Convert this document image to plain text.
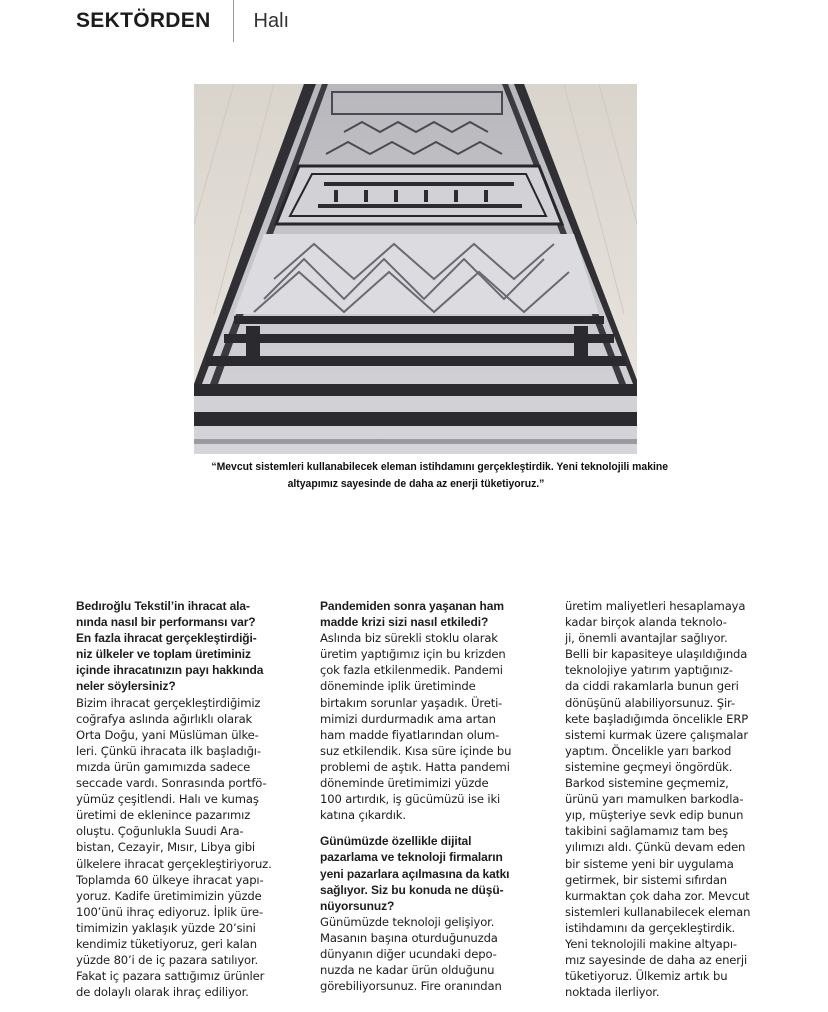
SEKTÖRDEN Halı
“Mevcut sistemleri kullanabilecek eleman istihdamını gerçekleştirdik. Yeni teknolojili makine
altyapımız sayesinde de daha az enerji tüketiyoruz.”
Bedıroğlu Tekstil’in ihracat ala-
nında nasıl bir performansı var?
En fazla ihracat gerçekleştirdiği-
niz ülkeler ve toplam üretiminiz
içinde ihracatınızın payı hakkında
neler söylersiniz?
Bizim ihracat gerçekleştirdiğimiz
coğrafya aslında ağırlıklı olarak
Orta Doğu, yani Müslüman ülke-
leri. Çünkü ihracata ilk başladığı-
mızda ürün gamımızda sadece
seccade vardı. Sonrasında portfö-
yümüz çeşitlendi. Halı ve kumaş
üretimi de eklenince pazarımız
oluştu. Çoğunlukla Suudi Ara-
bistan, Cezayir, Mısır, Libya gibi
ülkelere ihracat gerçekleştiriyoruz.
Toplamda 60 ülkeye ihracat yapı-
yoruz. Kadife üretimimizin yüzde
100’ünü ihraç ediyoruz. İplik üre-
timimizin yaklaşık yüzde 20’sini
kendimiz tüketiyoruz, geri kalan
yüzde 80’i de iç pazara satılıyor.
Fakat iç pazara sattığımız ürünler
de dolaylı olarak ihraç ediliyor.
Pandemiden sonra yaşanan ham
madde krizi sizi nasıl etkiledi?
Aslında biz sürekli stoklu olarak
üretim yaptığımız için bu krizden
çok fazla etkilenmedik. Pandemi
döneminde iplik üretiminde
birtakım sorunlar yaşadık. Üreti-
mimizi durdurmadık ama artan
ham madde fiyatlarından olum-
suz etkilendik. Kısa süre içinde bu
problemi de aştık. Hatta pandemi
döneminde üretimimizi yüzde
100 artırdık, iş gücümüzü ise iki
katına çıkardık.
Günümüzde özellikle dijital
pazarlama ve teknoloji firmaların
yeni pazarlara açılmasına da katkı
sağlıyor. Siz bu konuda ne düşü-
nüyorsunuz?
Günümüzde teknoloji gelişiyor.
Masanın başına oturduğunuzda
dünyanın diğer ucundaki depo-
nuzda ne kadar ürün olduğunu
görebiliyorsunuz. Fire oranından
üretim maliyetleri hesaplamaya
kadar birçok alanda teknolo-
ji, önemli avantajlar sağlıyor.
Belli bir kapasiteye ulaşıldığında
teknolojiye yatırım yaptığınız-
da ciddi rakamlarla bunun geri
dönüşünü alabiliyorsunuz. Şir-
kete başladığımda öncelikle ERP
sistemi kurmak üzere çalışmalar
yaptım. Öncelikle yarı barkod
sistemine geçmeyi öngördük.
Barkod sistemine geçmemiz,
ürünü yarı mamulken barkodla-
yıp, müşteriye sevk edip bunun
takibini sağlamamız tam beş
yılımızı aldı. Çünkü devam eden
bir sisteme yeni bir uygulama
getirmek, bir sistemi sıfırdan
kurmaktan çok daha zor. Mevcut
sistemleri kullanabilecek eleman
istihdamını da gerçekleştirdik.
Yeni teknolojili makine altyapı-
mız sayesinde de daha az enerji
tüketiyoruz. Ülkemiz artık bu
noktada ilerliyor.
